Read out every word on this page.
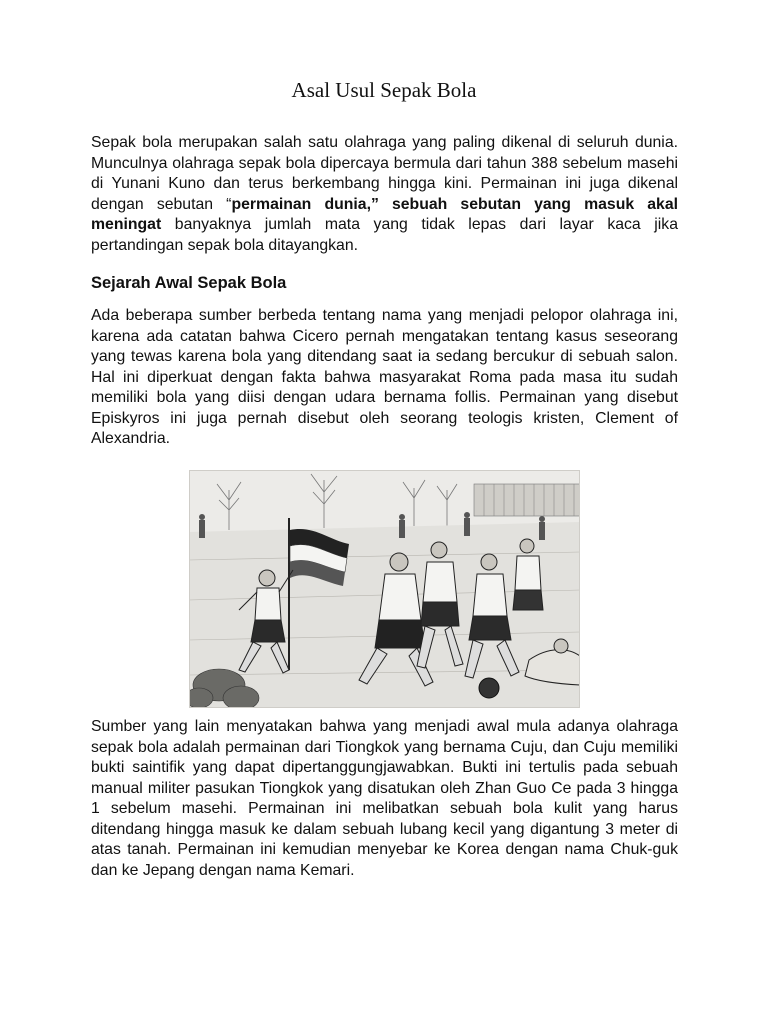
Asal Usul Sepak Bola

Sepak bola merupakan salah satu olahraga yang paling dikenal di seluruh dunia. Munculnya olahraga sepak bola dipercaya bermula dari tahun 388 sebelum masehi di Yunani Kuno dan terus berkembang hingga kini. Permainan ini juga dikenal dengan sebutan “permainan dunia,” sebuah sebutan yang masuk akal meningat banyaknya jumlah mata yang tidak lepas dari layar kaca jika pertandingan sepak bola ditayangkan.

Sejarah Awal Sepak Bola

Ada beberapa sumber berbeda tentang nama yang menjadi pelopor olahraga ini, karena ada catatan bahwa Cicero pernah mengatakan tentang kasus seseorang yang tewas karena bola yang ditendang saat ia sedang bercukur di sebuah salon. Hal ini diperkuat dengan fakta bahwa masyarakat Roma pada masa itu sudah memiliki bola yang diisi dengan udara bernama follis. Permainan yang disebut Episkyros ini juga pernah disebut oleh seorang teologis kristen, Clement of Alexandria.

Sumber yang lain menyatakan bahwa yang menjadi awal mula adanya olahraga sepak bola adalah permainan dari Tiongkok yang bernama Cuju, dan Cuju memiliki bukti saintifik yang dapat dipertanggungjawabkan. Bukti ini tertulis pada sebuah manual militer pasukan Tiongkok yang disatukan oleh Zhan Guo Ce pada 3 hingga 1 sebelum masehi. Permainan ini melibatkan sebuah bola kulit yang harus ditendang hingga masuk ke dalam sebuah lubang kecil yang digantung 3 meter di atas tanah. Permainan ini kemudian menyebar ke Korea dengan nama Chuk-guk dan ke Jepang dengan nama Kemari.
